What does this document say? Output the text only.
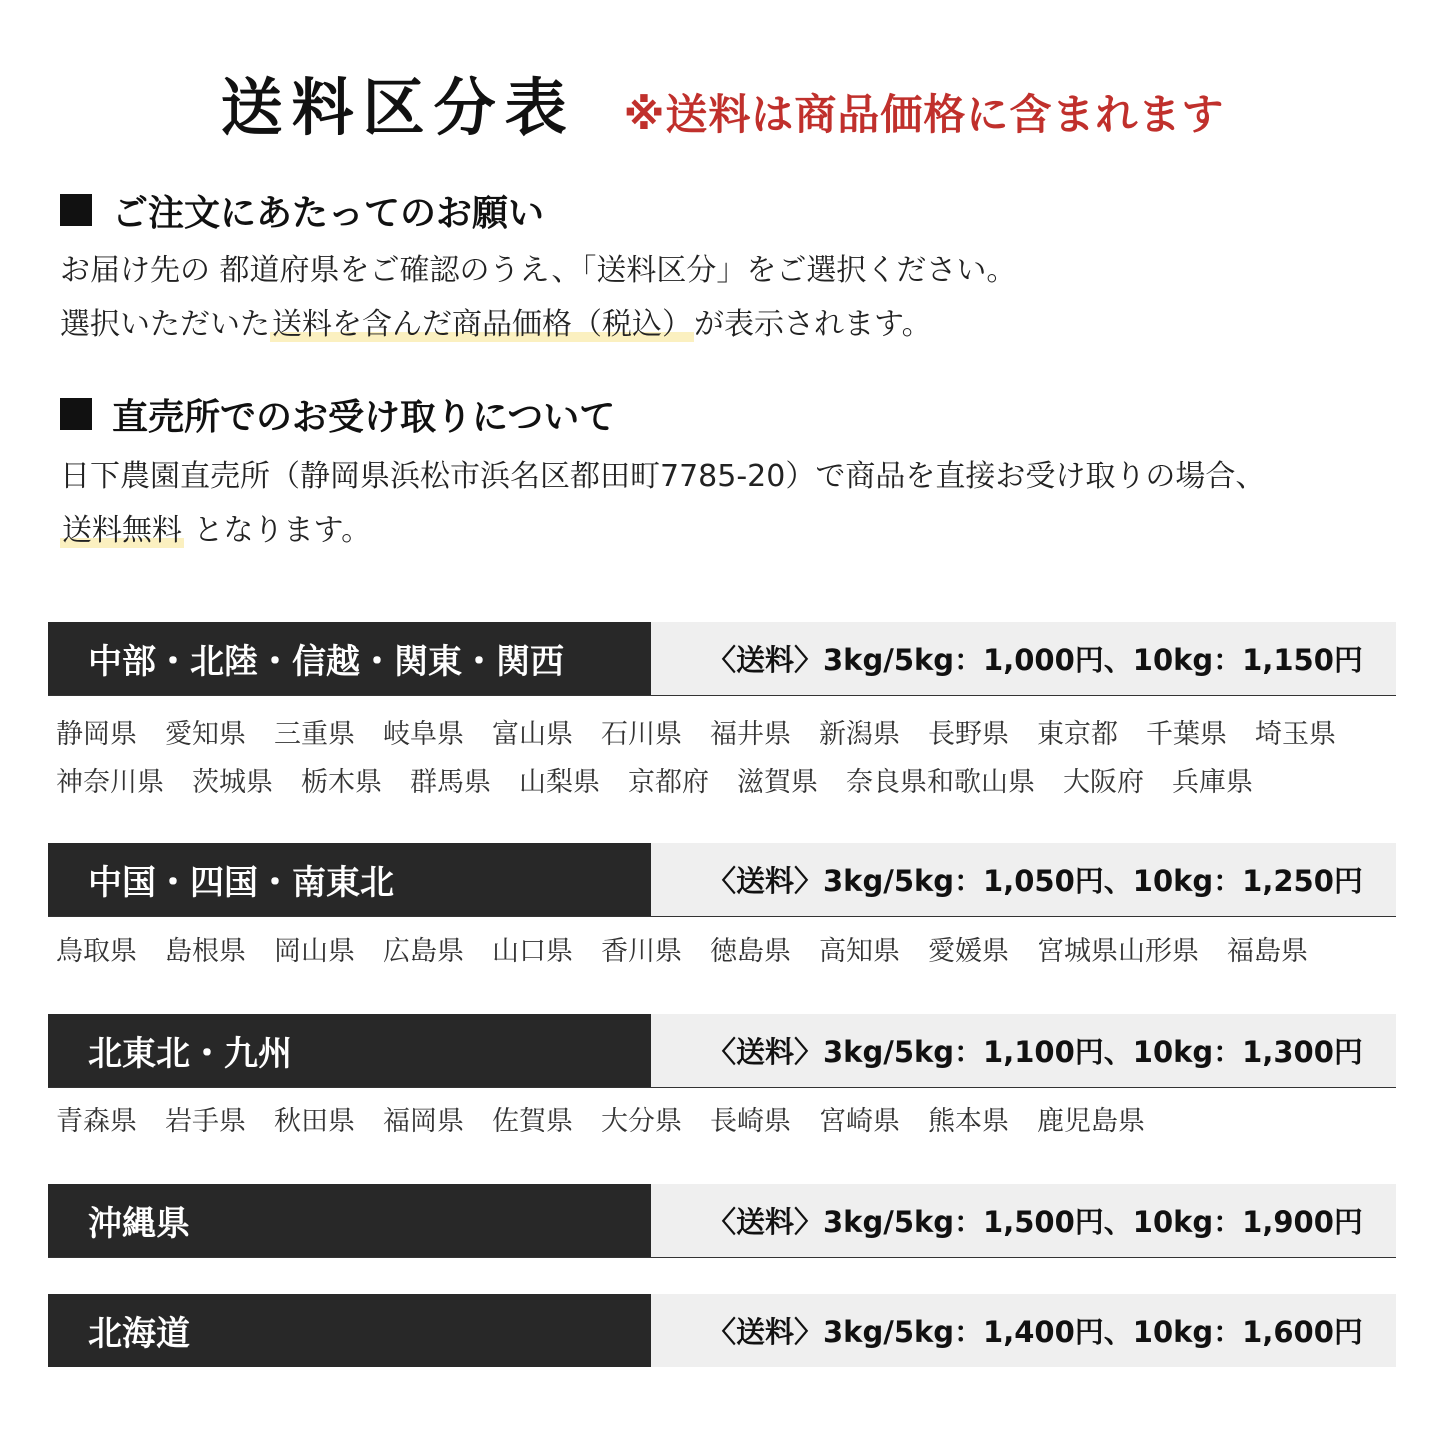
送料区分表 ※送料は商品価格に含まれます
ご注文にあたってのお願い
お届け先の 都道府県をご確認のうえ、「送料区分」をご選択ください。
選択いただいた送料を含んだ商品価格（税込）が表示されます。
直売所でのお受け取りについて
日下農園直売所（静岡県浜松市浜名区都田町7785-20）で商品を直接お受け取りの場合、
送料無料 となります。
中部・北陸・信越・関東・関西	〈送料〉3kg/5kg：1,000円、10kg：1,150円
静岡県 愛知県 三重県 岐阜県 富山県 石川県 福井県 新潟県 長野県 東京都 千葉県 埼玉県
神奈川県 茨城県 栃木県 群馬県 山梨県 京都府 滋賀県 奈良県和歌山県 大阪府 兵庫県
中国・四国・南東北	〈送料〉3kg/5kg：1,050円、10kg：1,250円
鳥取県 島根県 岡山県 広島県 山口県 香川県 徳島県 高知県 愛媛県 宮城県山形県 福島県
北東北・九州	〈送料〉3kg/5kg：1,100円、10kg：1,300円
青森県 岩手県 秋田県 福岡県 佐賀県 大分県 長崎県 宮崎県 熊本県 鹿児島県
沖縄県	〈送料〉3kg/5kg：1,500円、10kg：1,900円
北海道	〈送料〉3kg/5kg：1,400円、10kg：1,600円
